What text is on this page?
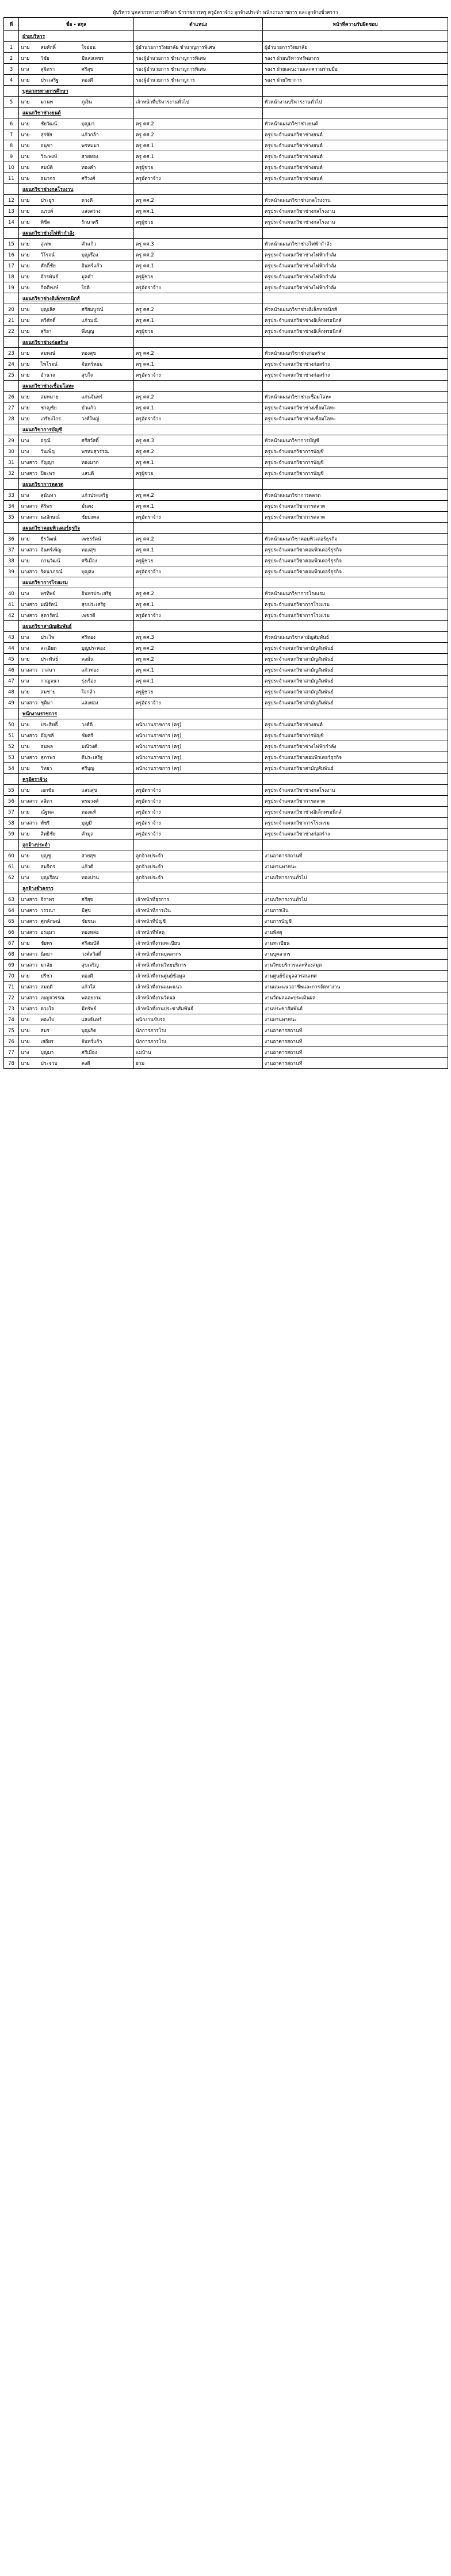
ผู้บริหาร บุคลากรทางการศึกษา ข้าราชการครู ครูอัตราจ้าง ลูกจ้างประจำ พนักงานราชการ และลูกจ้างชั่วคราว
ที่	ชื่อ - สกุล			ตำแหน่ง	หน้าที่ความรับผิดชอบ
	ฝ่ายบริหาร				
1	นาย	สมศักดิ์	ใจอ่อน	ผู้อำนวยการวิทยาลัย ชำนาญการพิเศษ	ผู้อำนวยการวิทยาลัย
2	นาย	วิชัย	มีแสงเพชร	รองผู้อำนวยการ ชำนาญการพิเศษ	รองฯ ฝ่ายบริหารทรัพยากร
3	นาง	สุจิตรา	ศรีสุข	รองผู้อำนวยการ ชำนาญการพิเศษ	รองฯ ฝ่ายแผนงานและความร่วมมือ
4	นาย	ประเสริฐ	ทองดี	รองผู้อำนวยการ ชำนาญการ	รองฯ ฝ่ายวิชาการ
	บุคลากรทางการศึกษา				
5	นาย	มานพ	ภูเงิน	เจ้าหน้าที่บริหารงานทั่วไป	หัวหน้างานบริหารงานทั่วไป
	แผนกวิชาช่างยนต์				
6	นาย	ชัยวัฒน์	บุญมา	ครู คศ.2	หัวหน้าแผนกวิชาช่างยนต์
7	นาย	สุรชัย	แก้วกล้า	ครู คศ.2	ครูประจำแผนกวิชาช่างยนต์
8	นาย	อนุชา	พรหมมา	ครู คศ.1	ครูประจำแผนกวิชาช่างยนต์
9	นาย	วีระพงษ์	สายทอง	ครู คศ.1	ครูประจำแผนกวิชาช่างยนต์
10	นาย	สมบัติ	ทองคำ	ครูผู้ช่วย	ครูประจำแผนกวิชาช่างยนต์
11	นาย	ธนากร	ศรีวงศ์	ครูอัตราจ้าง	ครูประจำแผนกวิชาช่างยนต์
	แผนกวิชาช่างกลโรงงาน				
12	นาย	ประยูร	ดวงดี	ครู คศ.2	หัวหน้าแผนกวิชาช่างกลโรงงาน
13	นาย	ณรงค์	แสงสว่าง	ครู คศ.1	ครูประจำแผนกวิชาช่างกลโรงงาน
14	นาย	พิชิต	รักษาศรี	ครูผู้ช่วย	ครูประจำแผนกวิชาช่างกลโรงงาน
	แผนกวิชาช่างไฟฟ้ากำลัง				
15	นาย	สุเทพ	คำแก้ว	ครู คศ.3	หัวหน้าแผนกวิชาช่างไฟฟ้ากำลัง
16	นาย	วิโรจน์	บุญเรือง	ครู คศ.2	ครูประจำแผนกวิชาช่างไฟฟ้ากำลัง
17	นาย	ศักดิ์ชัย	อินทร์แก้ว	ครู คศ.1	ครูประจำแผนกวิชาช่างไฟฟ้ากำลัง
18	นาย	จักรพันธ์	มูลคำ	ครูผู้ช่วย	ครูประจำแผนกวิชาช่างไฟฟ้ากำลัง
19	นาย	กิตติพงษ์	ใจดี	ครูอัตราจ้าง	ครูประจำแผนกวิชาช่างไฟฟ้ากำลัง
	แผนกวิชาช่างอิเล็กทรอนิกส์				
20	นาย	บุญเลิศ	ศรีสมบูรณ์	ครู คศ.2	หัวหน้าแผนกวิชาช่างอิเล็กทรอนิกส์
21	นาย	ทวีศักดิ์	แก้วมณี	ครู คศ.1	ครูประจำแผนกวิชาช่างอิเล็กทรอนิกส์
22	นาย	สุริยา	พึ่งบุญ	ครูผู้ช่วย	ครูประจำแผนกวิชาช่างอิเล็กทรอนิกส์
	แผนกวิชาช่างก่อสร้าง				
23	นาย	สมพงษ์	ทองสุข	ครู คศ.2	หัวหน้าแผนกวิชาช่างก่อสร้าง
24	นาย	ไพโรจน์	จันทร์หอม	ครู คศ.1	ครูประจำแผนกวิชาช่างก่อสร้าง
25	นาย	อำนาจ	สุขใจ	ครูอัตราจ้าง	ครูประจำแผนกวิชาช่างก่อสร้าง
	แผนกวิชาช่างเชื่อมโลหะ				
26	นาย	สมหมาย	แก่นจันทร์	ครู คศ.2	หัวหน้าแผนกวิชาช่างเชื่อมโลหะ
27	นาย	ชาญชัย	บัวแก้ว	ครู คศ.1	ครูประจำแผนกวิชาช่างเชื่อมโลหะ
28	นาย	เกรียงไกร	วงศ์ใหญ่	ครูอัตราจ้าง	ครูประจำแผนกวิชาช่างเชื่อมโลหะ
	แผนกวิชาการบัญชี				
29	นาง	อรุณี	ศรีสวัสดิ์	ครู คศ.3	หัวหน้าแผนกวิชาการบัญชี
30	นาง	วันเพ็ญ	พรหมสุวรรณ	ครู คศ.2	ครูประจำแผนกวิชาการบัญชี
31	นางสาว	กัญญา	ทองมาก	ครู คศ.1	ครูประจำแผนกวิชาการบัญชี
32	นางสาว	ปิยะพร	แสนดี	ครูผู้ช่วย	ครูประจำแผนกวิชาการบัญชี
	แผนกวิชาการตลาด				
33	นาง	สุนันทา	แก้วประเสริฐ	ครู คศ.2	หัวหน้าแผนกวิชาการตลาด
34	นางสาว	ศิริพร	มั่นคง	ครู คศ.1	ครูประจำแผนกวิชาการตลาด
35	นางสาว	นงลักษณ์	ชัยมงคล	ครูอัตราจ้าง	ครูประจำแผนกวิชาการตลาด
	แผนกวิชาคอมพิวเตอร์ธุรกิจ				
36	นาย	ธีรวัฒน์	เพชรรัตน์	ครู คศ.2	หัวหน้าแผนกวิชาคอมพิวเตอร์ธุรกิจ
37	นางสาว	จันทร์เพ็ญ	ทองสุข	ครู คศ.1	ครูประจำแผนกวิชาคอมพิวเตอร์ธุรกิจ
38	นาย	ภานุวัฒน์	ศรีเมือง	ครูผู้ช่วย	ครูประจำแผนกวิชาคอมพิวเตอร์ธุรกิจ
39	นางสาว	รัตนาภรณ์	บุญส่ง	ครูอัตราจ้าง	ครูประจำแผนกวิชาคอมพิวเตอร์ธุรกิจ
	แผนกวิชาการโรงแรม				
40	นาง	พรทิพย์	อินทรประเสริฐ	ครู คศ.2	หัวหน้าแผนกวิชาการโรงแรม
41	นางสาว	มณีรัตน์	สุขประเสริฐ	ครู คศ.1	ครูประจำแผนกวิชาการโรงแรม
42	นางสาว	สุดารัตน์	เพชรดี	ครูอัตราจ้าง	ครูประจำแผนกวิชาการโรงแรม
	แผนกวิชาสามัญสัมพันธ์				
43	นาง	ประไพ	ศรีทอง	ครู คศ.3	หัวหน้าแผนกวิชาสามัญสัมพันธ์
44	นาง	ละเอียด	บุญประคอง	ครู คศ.2	ครูประจำแผนกวิชาสามัญสัมพันธ์
45	นาย	ประพันธ์	คงมั่น	ครู คศ.2	ครูประจำแผนกวิชาสามัญสัมพันธ์
46	นางสาว	วาสนา	แก้วทอง	ครู คศ.1	ครูประจำแผนกวิชาสามัญสัมพันธ์
47	นาง	กาญจนา	รุ่งเรือง	ครู คศ.1	ครูประจำแผนกวิชาสามัญสัมพันธ์
48	นาย	สมชาย	ใจกล้า	ครูผู้ช่วย	ครูประจำแผนกวิชาสามัญสัมพันธ์
49	นางสาว	ชุติมา	แสงทอง	ครูอัตราจ้าง	ครูประจำแผนกวิชาสามัญสัมพันธ์
	พนักงานราชการ				
50	นาย	ประสิทธิ์	วงศ์ดี	พนักงานราชการ (ครู)	ครูประจำแผนกวิชาช่างยนต์
51	นางสาว	อัญชลี	ชัยศรี	พนักงานราชการ (ครู)	ครูประจำแผนกวิชาการบัญชี
52	นาย	ธนพล	มณีวงศ์	พนักงานราชการ (ครู)	ครูประจำแผนกวิชาช่างไฟฟ้ากำลัง
53	นางสาว	สุภาพร	ดีประเสริฐ	พนักงานราชการ (ครู)	ครูประจำแผนกวิชาคอมพิวเตอร์ธุรกิจ
54	นาย	วิทยา	ศรีบุญ	พนักงานราชการ (ครู)	ครูประจำแผนกวิชาสามัญสัมพันธ์
	ครูอัตราจ้าง				
55	นาย	เอกชัย	แสนสุข	ครูอัตราจ้าง	ครูประจำแผนกวิชาช่างกลโรงงาน
56	นางสาว	ลลิตา	พรมวงศ์	ครูอัตราจ้าง	ครูประจำแผนกวิชาการตลาด
57	นาย	ณัฐพล	ทองแท้	ครูอัตราจ้าง	ครูประจำแผนกวิชาช่างอิเล็กทรอนิกส์
58	นางสาว	พัชรี	บุญมี	ครูอัตราจ้าง	ครูประจำแผนกวิชาการโรงแรม
59	นาย	สิทธิชัย	คำมูล	ครูอัตราจ้าง	ครูประจำแผนกวิชาช่างก่อสร้าง
	ลูกจ้างประจำ				
60	นาย	บุญชู	สายสุข	ลูกจ้างประจำ	งานอาคารสถานที่
61	นาย	สมจิตร	แก้วดี	ลูกจ้างประจำ	งานยานพาหนะ
62	นาง	บุญเรือน	ทองปาน	ลูกจ้างประจำ	งานบริหารงานทั่วไป
	ลูกจ้างชั่วคราว				
63	นางสาว	จิราพร	ศรีสุข	เจ้าหน้าที่ธุรการ	งานบริหารงานทั่วไป
64	นางสาว	วรรณา	มีสุข	เจ้าหน้าที่การเงิน	งานการเงิน
65	นางสาว	ศุภลักษณ์	ชัยชนะ	เจ้าหน้าที่บัญชี	งานการบัญชี
66	นางสาว	อรอุมา	ทองหล่อ	เจ้าหน้าที่พัสดุ	งานพัสดุ
67	นาย	ชัยพร	ศรีสมบัติ	เจ้าหน้าที่งานทะเบียน	งานทะเบียน
68	นางสาว	นิตยา	วงศ์สวัสดิ์	เจ้าหน้าที่งานบุคลากร	งานบุคลากร
69	นางสาว	มาลัย	สุขเจริญ	เจ้าหน้าที่งานวิทยบริการ	งานวิทยบริการและห้องสมุด
70	นาย	ปรีชา	ทองดี	เจ้าหน้าที่งานศูนย์ข้อมูล	งานศูนย์ข้อมูลสารสนเทศ
71	นางสาว	สมฤดี	แก้วใส	เจ้าหน้าที่งานแนะแนว	งานแนะแนวอาชีพและการจัดหางาน
72	นางสาว	เบญจวรรณ	พลอยงาม	เจ้าหน้าที่งานวัดผล	งานวัดผลและประเมินผล
73	นางสาว	ดวงใจ	มีทรัพย์	เจ้าหน้าที่งานประชาสัมพันธ์	งานประชาสัมพันธ์
74	นาย	ทองใบ	แสงจันทร์	พนักงานขับรถ	งานยานพาหนะ
75	นาย	สมร	บุญเกิด	นักการภารโรง	งานอาคารสถานที่
76	นาย	เสถียร	จันทร์แก้ว	นักการภารโรง	งานอาคารสถานที่
77	นาง	บุญมา	ศรีเมือง	แม่บ้าน	งานอาคารสถานที่
78	นาย	ประจวบ	คงดี	ยาม	งานอาคารสถานที่
